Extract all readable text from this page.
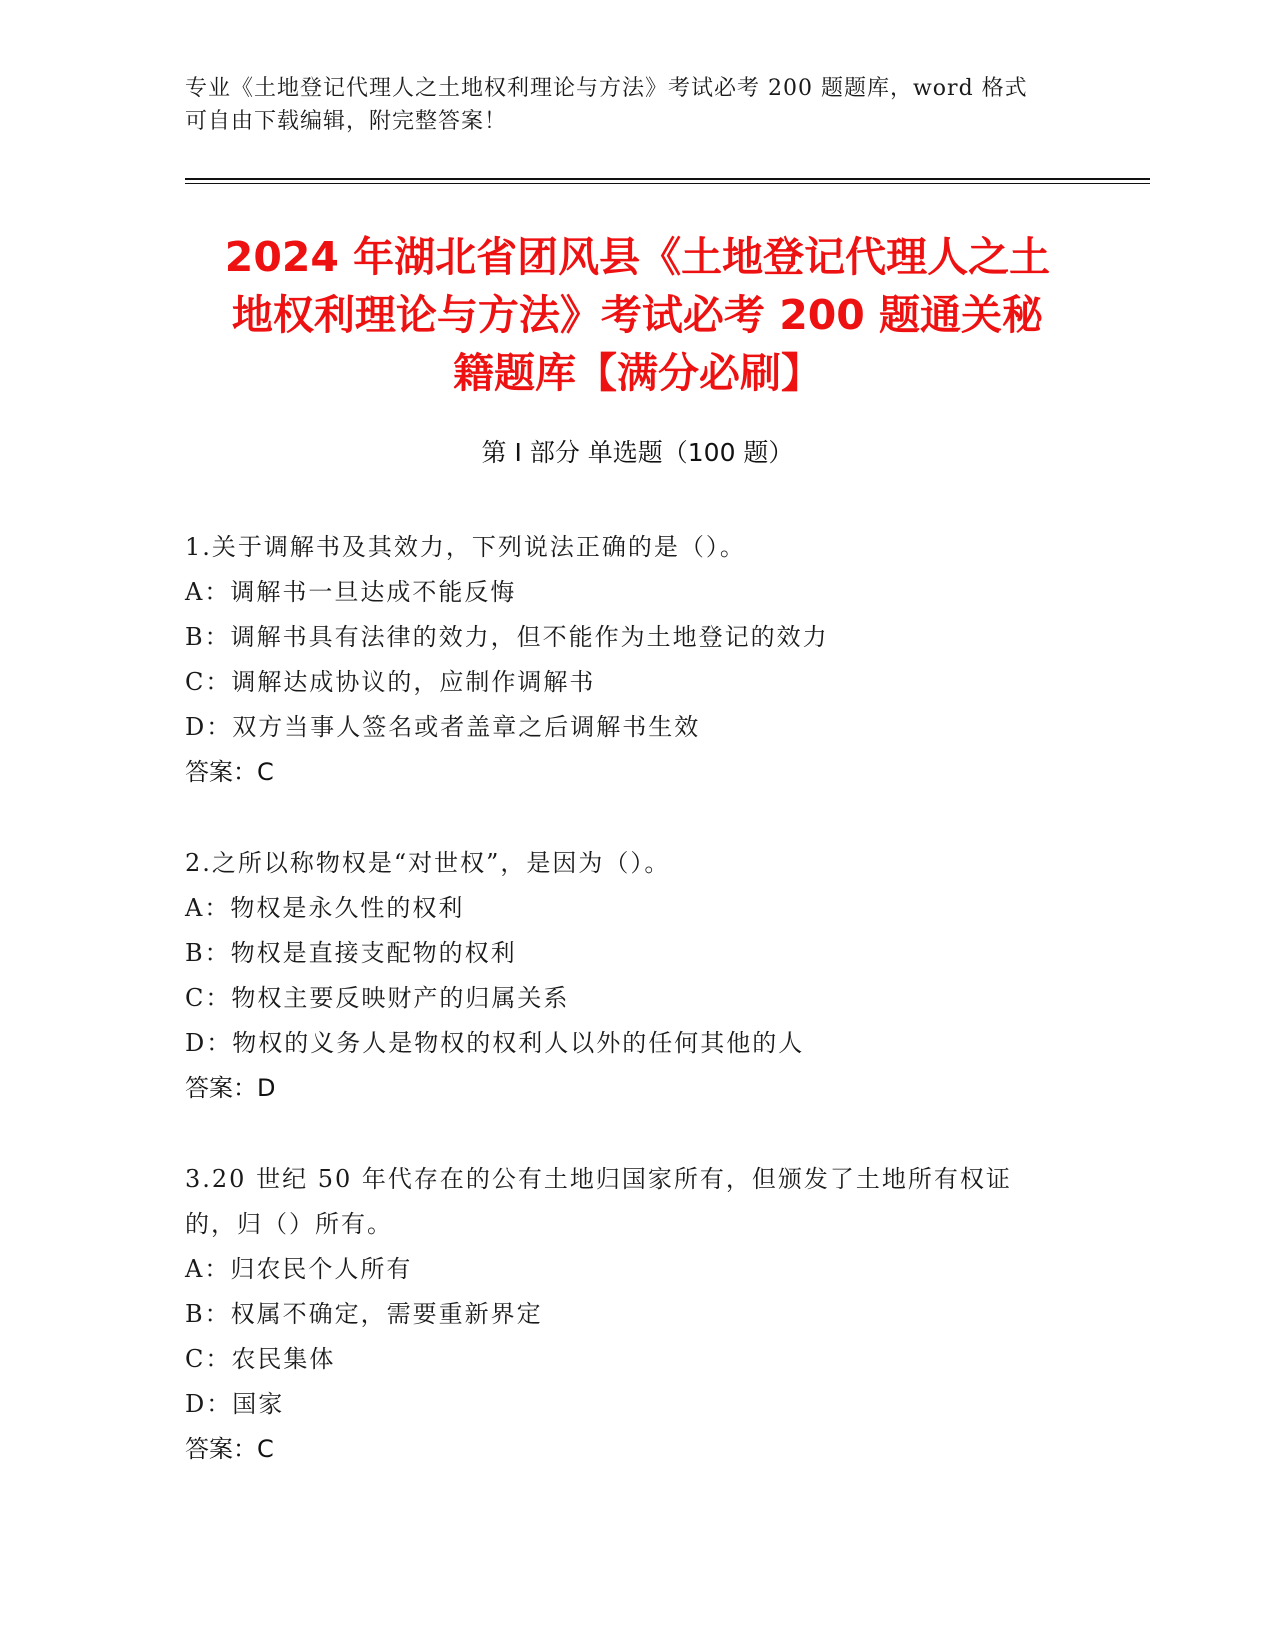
专业《土地登记代理人之土地权利理论与方法》考试必考 200 题题库，word 格式
可自由下载编辑，附完整答案！
2024 年湖北省团风县《土地登记代理人之土
地权利理论与方法》考试必考 200 题通关秘
籍题库【满分必刷】
第 I 部分 单选题（100 题）
1.关于调解书及其效力，下列说法正确的是（）。
A：调解书一旦达成不能反悔
B：调解书具有法律的效力，但不能作为土地登记的效力
C：调解达成协议的，应制作调解书
D：双方当事人签名或者盖章之后调解书生效
答案：C
2.之所以称物权是“对世权”，是因为（）。
A：物权是永久性的权利
B：物权是直接支配物的权利
C：物权主要反映财产的归属关系
D：物权的义务人是物权的权利人以外的任何其他的人
答案：D
3.20 世纪 50 年代存在的公有土地归国家所有，但颁发了土地所有权证
的，归（）所有。
A：归农民个人所有
B：权属不确定，需要重新界定
C：农民集体
D：国家
答案：C
